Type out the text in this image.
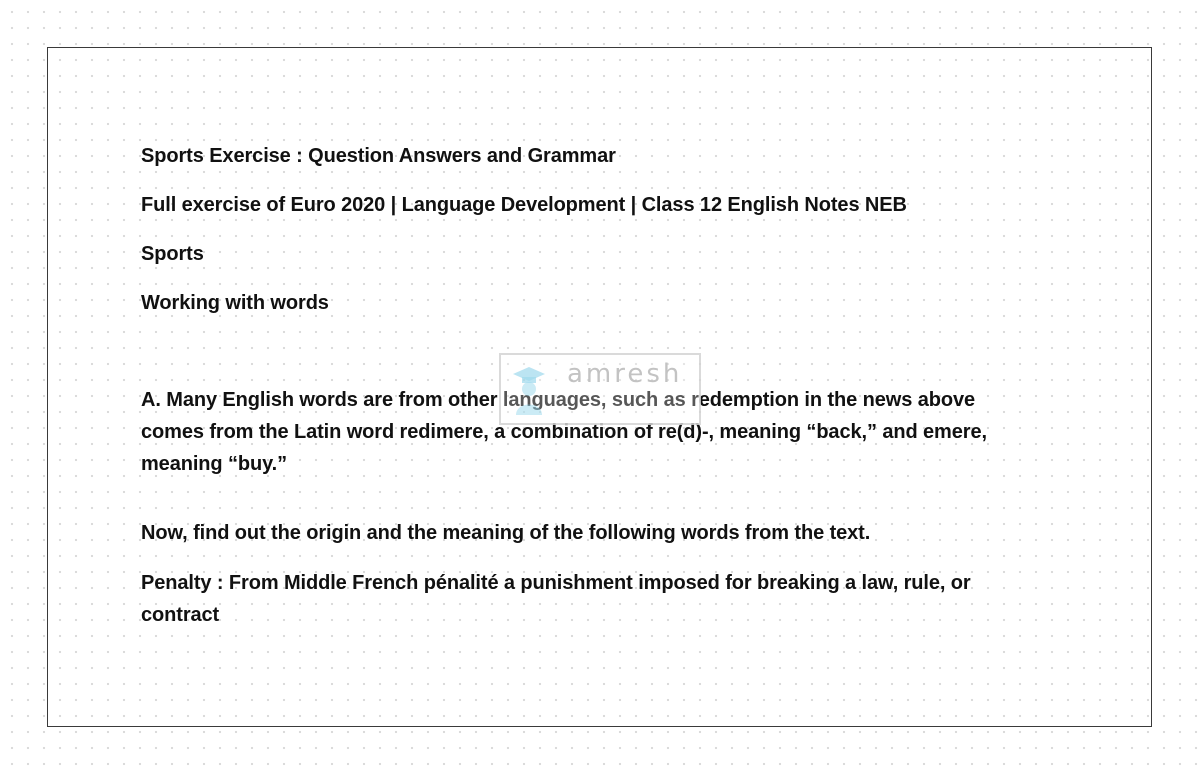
Sports Exercise : Question Answers and Grammar

Full exercise of Euro 2020 | Language Development | Class 12 English Notes NEB

Sports

Working with words

A. Many English words are from other languages, such as redemption in the news above comes from the Latin word redimere, a combination of re(d)-, meaning “back,” and emere, meaning “buy.”

Now, find out the origin and the meaning of the following words from the text.

Penalty : From Middle French pénalité a punishment imposed for breaking a law, rule, or contract

amresh
